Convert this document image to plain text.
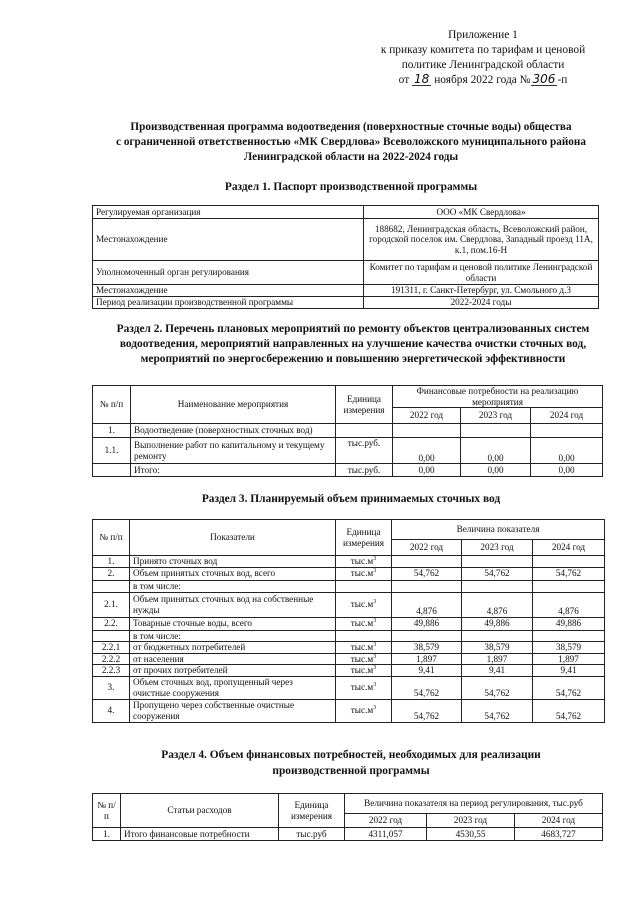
Приложение 1
к приказу комитета по тарифам и ценовой
политике Ленинградской области
от 18 ноября 2022 года № 306 -п
Производственная программа водоотведения (поверхностные сточные воды) общества
с ограниченной ответственностью «МК Свердлова» Всеволожского муниципального района
Ленинградской области на 2022-2024 годы
Раздел 1. Паспорт производственной программы
Регулируемая организация	ООО «МК Свердлова»
Местонахождение	188682, Ленинградская область, Всеволожский район, городской поселок им. Свердлова, Западный проезд 11А, к.1, пом.16-Н
Уполномоченный орган регулирования	Комитет по тарифам и ценовой политике Ленинградской области
Местонахождение	191311, г. Санкт-Петербург, ул. Смольного д.3
Период реализации производственной программы	2022-2024 годы
Раздел 2. Перечень плановых мероприятий по ремонту объектов централизованных систем водоотведения, мероприятий направленных на улучшение качества очистки сточных вод, мероприятий по энергосбережению и повышению энергетической эффективности
№ п/п	Наименование мероприятия	Единица измерения	Финансовые потребности на реализацию мероприятия		
			2022 год	2023 год	2024 год
1.	Водоотведение (поверхностных сточных вод)				
1.1.	Выполнение работ по капитальному и текущему ремонту	тыс.руб.	0,00	0,00	0,00
	Итого:	тыс.руб.	0,00	0,00	0,00
Раздел 3. Планируемый объем принимаемых сточных вод
№ п/п	Показатели	Единица измерения	Величина показателя		
			2022 год	2023 год	2024 год
1.	Принято сточных вод	$тыс.м^3$			
2.	Объем принятых сточных вод, всего	$тыс.м^3$	54,762	54,762	54,762
	в том числе:				
2.1.	Объем принятых сточных вод на собственные нужды	$тыс.м^3$	4,876	4,876	4,876
2.2.	Товарные сточные воды, всего	$тыс.м^3$	49,886	49,886	49,886
	в том числе:				
2.2.1	от бюджетных потребителей	$тыс.м^3$	38,579	38,579	38,579
2.2.2	от населения	$тыс.м^3$	1,897	1,897	1,897
2.2.3	от прочих потребителей	$тыс.м^3$	9,41	9,41	9,41
3.	Объем сточных вод, пропущенный через очистные сооружения	$тыс.м^3$	54,762	54,762	54,762
4.	Пропущено через собственные очистные сооружения	$тыс.м^3$	54,762	54,762	54,762
Раздел 4. Объем финансовых потребностей, необходимых для реализации
производственной программы
№ п/п	Статьи расходов	Единица измерения	Величина показателя на период регулирования, тыс.руб		
			2022 год	2023 год	2024 год
1.	Итого финансовые потребности	тыс.руб	4311,057	4530,55	4683,727
